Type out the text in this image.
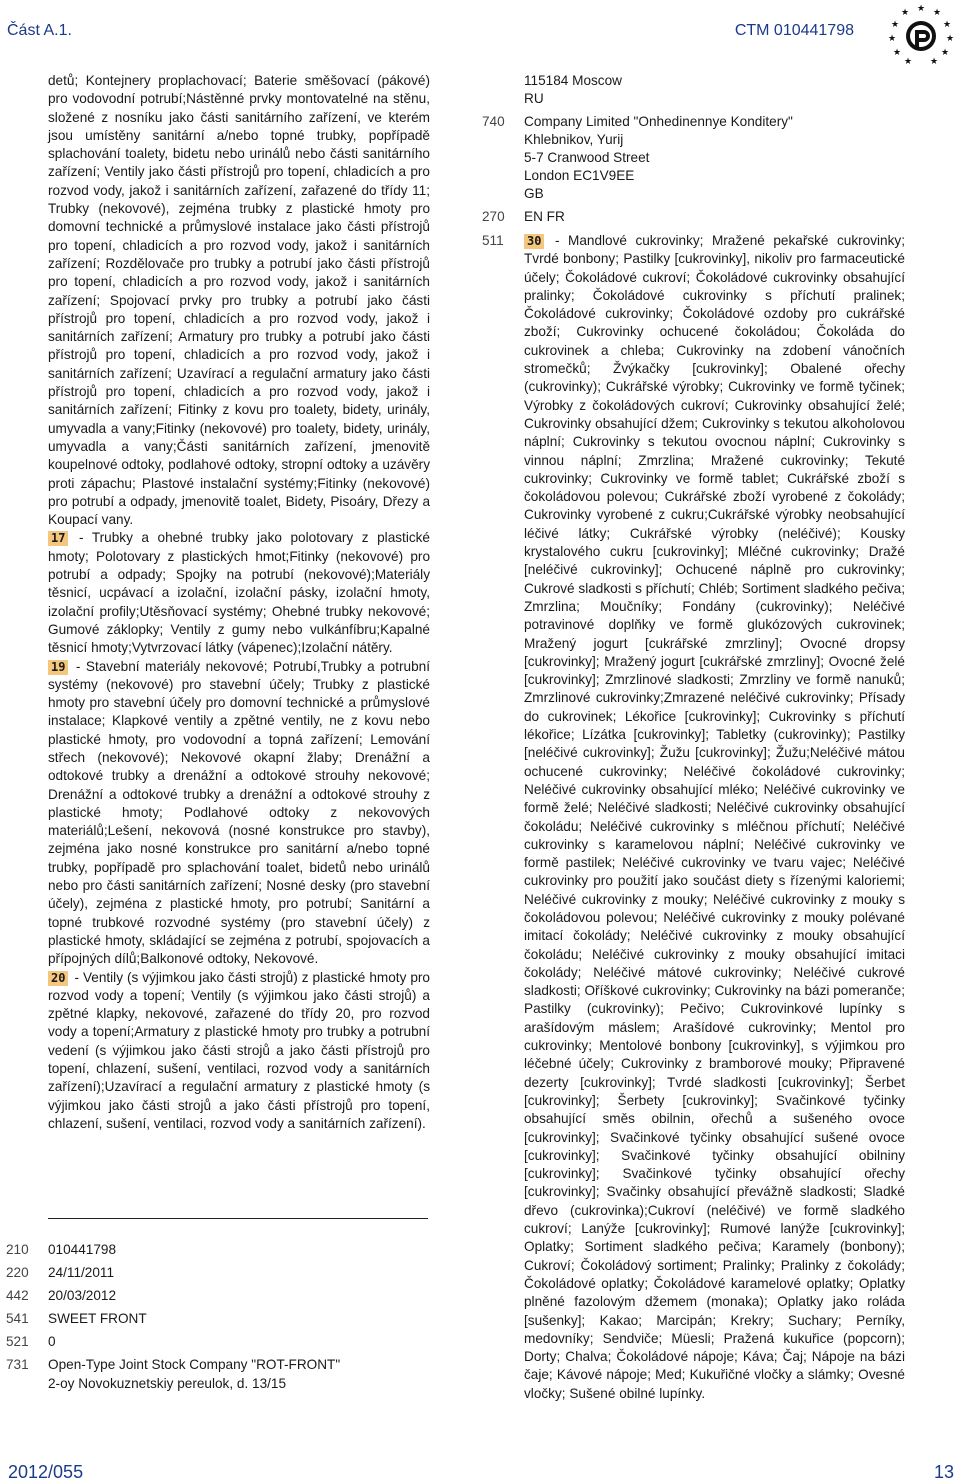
Část A.1.	CTM 010441798
★ ★
★
★
★
★
★
★
★
★
★

detů; Kontejnery proplachovací; Baterie směšovací (pákové) pro vodovodní potrubí;Nástěnné prvky montovatelné na stěnu, složené z nosníku jako části sanitárního zařízení, ve kterém jsou umístěny sanitární a/nebo topné trubky, popřípadě splachování toalety, bidetu nebo urinálů nebo části sanitárního zařízení; Ventily jako části přístrojů pro topení, chladicích a pro rozvod vody, jakož i sanitárních zařízení, zařazené do třídy 11; Trubky (nekovové), zejména trubky z plastické hmoty pro domovní technické a průmyslové instalace jako části přístrojů pro topení, chladicích a pro rozvod vody, jakož i sanitárních zařízení; Rozdělovače pro trubky a potrubí jako části přístrojů pro topení, chladicích a pro rozvod vody, jakož i sanitárních zařízení; Spojovací prvky pro trubky a potrubí jako části přístrojů pro topení, chladicích a pro rozvod vody, jakož i sanitárních zařízení; Armatury pro trubky a potrubí jako části přístrojů pro topení, chladicích a pro rozvod vody, jakož i sanitárních zařízení; Uzavírací a regulační armatury jako části přístrojů pro topení, chladicích a pro rozvod vody, jakož i sanitárních zařízení; Fitinky z kovu pro toalety, bidety, urinály, umyvadla a vany;Fitinky (nekovové) pro toalety, bidety, urinály, umyvadla a vany;Části sanitárních zařízení, jmenovitě koupelnové odtoky, podlahové odtoky, stropní odtoky a uzávěry proti zápachu; Plastové instalační systémy;Fitinky (nekovové) pro potrubí a odpady, jmenovitě toalet, Bidety, Pisoáry, Dřezy a Koupací vany.

17 - Trubky a ohebné trubky jako polotovary z plastické hmoty; Polotovary z plastických hmot;Fitinky (nekovové) pro potrubí a odpady; Spojky na potrubí (nekovové);Materiály těsnicí, ucpávací a izolační, izolační pásky, izolační hmoty, izolační profily;Utěsňovací systémy; Ohebné trubky nekovové; Gumové záklopky; Ventily z gumy nebo vulkánfíbru;Kapalné těsnicí hmoty;Vytvrzovací látky (vápenec);Izolační nátěry.

19 - Stavební materiály nekovové; Potrubí,Trubky a potrubní systémy (nekovové) pro stavební účely; Trubky z plastické hmoty pro stavební účely pro domovní technické a průmyslové instalace; Klapkové ventily a zpětné ventily, ne z kovu nebo plastické hmoty, pro vodovodní a topná zařízení; Lemování střech (nekovové); Nekovové okapní žlaby; Drenážní a odtokové trubky a drenážní a odtokové strouhy nekovové; Drenážní a odtokové trubky a drenážní a odtokové strouhy z plastické hmoty; Podlahové odtoky z nekovových materiálů;Lešení, nekovová (nosné konstrukce pro stavby), zejména jako nosné konstrukce pro sanitární a/nebo topné trubky, popřípadě pro splachování toalet, bidetů nebo urinálů nebo pro části sanitárních zařízení; Nosné desky (pro stavební účely), zejména z plastické hmoty, pro potrubí; Sanitární a topné trubkové rozvodné systémy (pro stavební účely) z plastické hmoty, skládající se zejména z potrubí, spojovacích a přípojných dílů;Balkonové odtoky, Nekovové.

20 - Ventily (s výjimkou jako části strojů) z plastické hmoty pro rozvod vody a topení; Ventily (s výjimkou jako části strojů) a zpětné klapky, nekovové, zařazené do třídy 20, pro rozvod vody a topení;Armatury z plastické hmoty pro trubky a potrubní vedení (s výjimkou jako části strojů a jako části přístrojů pro topení, chlazení, sušení, ventilaci, rozvod vody a sanitárních zařízení);Uzavírací a regulační armatury z plastické hmoty (s výjimkou jako části strojů a jako části přístrojů pro topení, chlazení, sušení, ventilaci, rozvod vody a sanitárních zařízení).

210	010441798
220	24/11/2011
442	20/03/2012
541	SWEET FRONT
521	0
731	Open-Type Joint Stock Company "ROT-FRONT"
2-oy Novokuznetskiy pereulok, d. 13/15
115184 Moscow
RU
740	Company Limited "Onhedinennye Konditery"
Khlebnikov, Yurij
5-7 Cranwood Street
London EC1V9EE
GB
270	EN FR
511	30 - Mandlové cukrovinky; Mražené pekařské cukrovinky; Tvrdé bonbony; Pastilky [cukrovinky], nikoliv pro farmaceutické účely; Čokoládové cukroví; Čokoládové cukrovinky obsahující pralinky; Čokoládové cukrovinky s příchutí pralinek; Čokoládové cukrovinky; Čokoládové ozdoby pro cukrářské zboží; Cukrovinky ochucené čokoládou; Čokoláda do cukrovinek a chleba; Cukrovinky na zdobení vánočních stromečků; Žvýkačky [cukrovinky]; Obalené ořechy (cukrovinky); Cukrářské výrobky; Cukrovinky ve formě tyčinek; Výrobky z čokoládových cukroví; Cukrovinky obsahující želé; Cukrovinky obsahující džem; Cukrovinky s tekutou alkoholovou náplní; Cukrovinky s tekutou ovocnou náplní; Cukrovinky s vinnou náplní; Zmrzlina; Mražené cukrovinky; Tekuté cukrovinky; Cukrovinky ve formě tablet; Cukrářské zboží s čokoládovou polevou; Cukrářské zboží vyrobené z čokolády; Cukrovinky vyrobené z cukru;Cukrářské výrobky neobsahující léčivé látky; Cukrářské výrobky (neléčivé); Kousky krystalového cukru [cukrovinky]; Mléčné cukrovinky; Dražé [neléčivé cukrovinky]; Ochucené náplně pro cukrovinky; Cukrové sladkosti s příchutí; Chléb; Sortiment sladkého pečiva; Zmrzlina; Moučníky; Fondány (cukrovinky); Neléčivé potravinové doplňky ve formě glukózových cukrovinek; Mražený jogurt [cukrářské zmrzliny]; Ovocné dropsy [cukrovinky]; Mražený jogurt [cukrářské zmrzliny]; Ovocné želé [cukrovinky]; Zmrzlinové sladkosti; Zmrzliny ve formě nanuků; Zmrzlinové cukrovinky;Zmrazené neléčivé cukrovinky; Přísady do cukrovinek; Lékořice [cukrovinky]; Cukrovinky s příchutí lékořice; Lízátka [cukrovinky]; Tabletky (cukrovinky); Pastilky [neléčivé cukrovinky]; Žužu [cukrovinky]; Žužu;Neléčivé mátou ochucené cukrovinky; Neléčivé čokoládové cukrovinky; Neléčivé cukrovinky obsahující mléko; Neléčivé cukrovinky ve formě želé; Neléčivé sladkosti; Neléčivé cukrovinky obsahující čokoládu; Neléčivé cukrovinky s mléčnou příchutí; Neléčivé cukrovinky s karamelovou náplní; Neléčivé cukrovinky ve formě pastilek; Neléčivé cukrovinky ve tvaru vajec; Neléčivé cukrovinky pro použití jako součást diety s řízenými kaloriemi; Neléčivé cukrovinky z mouky; Neléčivé cukrovinky z mouky s čokoládovou polevou; Neléčivé cukrovinky z mouky polévané imitací čokolády; Neléčivé cukrovinky z mouky obsahující čokoládu; Neléčivé cukrovinky z mouky obsahující imitaci čokolády; Neléčivé mátové cukrovinky; Neléčivé cukrové sladkosti; Oříškové cukrovinky; Cukrovinky na bázi pomeranče; Pastilky (cukrovinky); Pečivo; Cukrovinkové lupínky s arašídovým máslem; Arašídové cukrovinky; Mentol pro cukrovinky; Mentolové bonbony [cukrovinky], s výjimkou pro léčebné účely; Cukrovinky z bramborové mouky; Připravené dezerty [cukrovinky]; Tvrdé sladkosti [cukrovinky]; Šerbet [cukrovinky]; Šerbety [cukrovinky]; Svačinkové tyčinky obsahující směs obilnin, ořechů a sušeného ovoce [cukrovinky]; Svačinkové tyčinky obsahující sušené ovoce [cukrovinky]; Svačinkové tyčinky obsahující obilniny [cukrovinky]; Svačinkové tyčinky obsahující ořechy [cukrovinky]; Svačinky obsahující převážně sladkosti; Sladké dřevo (cukrovinka);Cukroví (neléčivé) ve formě sladkého cukroví; Lanýže [cukrovinky]; Rumové lanýže [cukrovinky]; Oplatky; Sortiment sladkého pečiva; Karamely (bonbony); Cukroví; Čokoládový sortiment; Pralinky; Pralinky z čokolády; Čokoládové oplatky; Čokoládové karamelové oplatky; Oplatky plněné fazolovým džemem (monaka); Oplatky jako roláda [sušenky]; Kakao; Marcipán; Krekry; Suchary; Perníky, medovníky; Sendviče; Müesli; Pražená kukuřice (popcorn); Dorty; Chalva; Čokoládové nápoje; Káva; Čaj; Nápoje na bázi čaje; Kávové nápoje; Med; Kukuřičné vločky a slámky; Ovesné vločky; Sušené obilné lupínky.

2012/055	13
